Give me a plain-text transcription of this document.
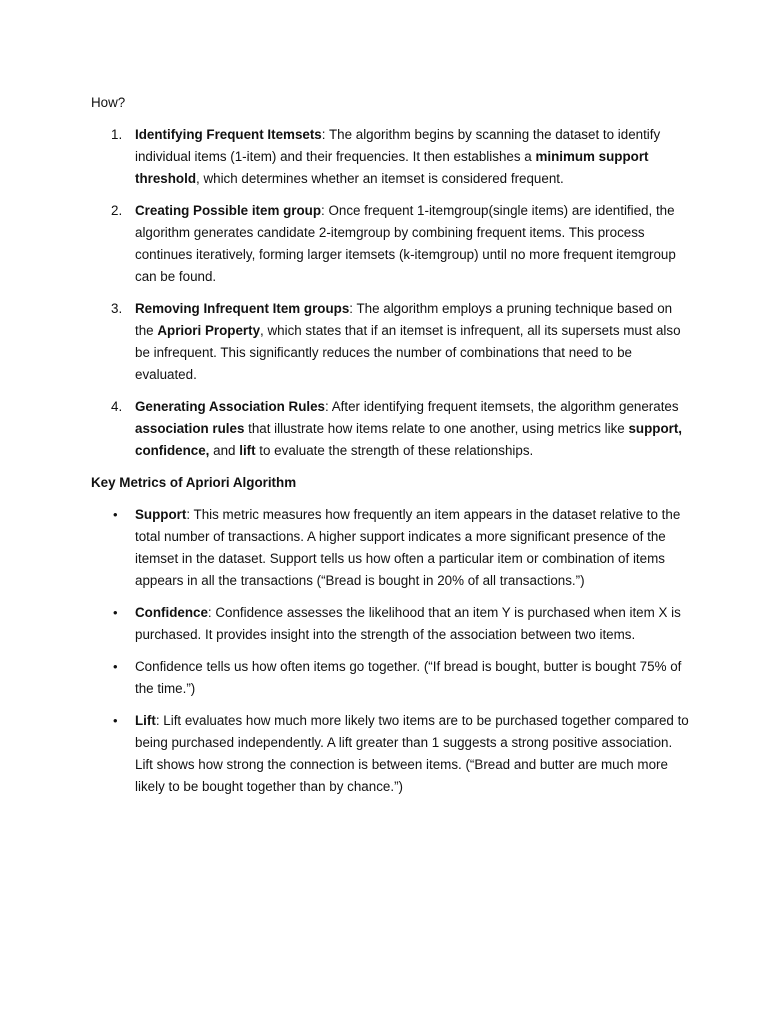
How?

1. Identifying Frequent Itemsets: The algorithm begins by scanning the dataset to identify individual items (1-item) and their frequencies. It then establishes a minimum support threshold, which determines whether an itemset is considered frequent.
2. Creating Possible item group: Once frequent 1-itemgroup(single items) are identified, the algorithm generates candidate 2-itemgroup by combining frequent items. This process continues iteratively, forming larger itemsets (k-itemgroup) until no more frequent itemgroup can be found.
3. Removing Infrequent Item groups: The algorithm employs a pruning technique based on the Apriori Property, which states that if an itemset is infrequent, all its supersets must also be infrequent. This significantly reduces the number of combinations that need to be evaluated.
4. Generating Association Rules: After identifying frequent itemsets, the algorithm generates association rules that illustrate how items relate to one another, using metrics like support, confidence, and lift to evaluate the strength of these relationships.

Key Metrics of Apriori Algorithm

•	Support: This metric measures how frequently an item appears in the dataset relative to the total number of transactions. A higher support indicates a more significant presence of the itemset in the dataset. Support tells us how often a particular item or combination of items appears in all the transactions (“Bread is bought in 20% of all transactions.”)
•	Confidence: Confidence assesses the likelihood that an item Y is purchased when item X is purchased. It provides insight into the strength of the association between two items.
•	Confidence tells us how often items go together. (“If bread is bought, butter is bought 75% of the time.”)
•	Lift: Lift evaluates how much more likely two items are to be purchased together compared to being purchased independently. A lift greater than 1 suggests a strong positive association. Lift shows how strong the connection is between items. (“Bread and butter are much more likely to be bought together than by chance.”)
